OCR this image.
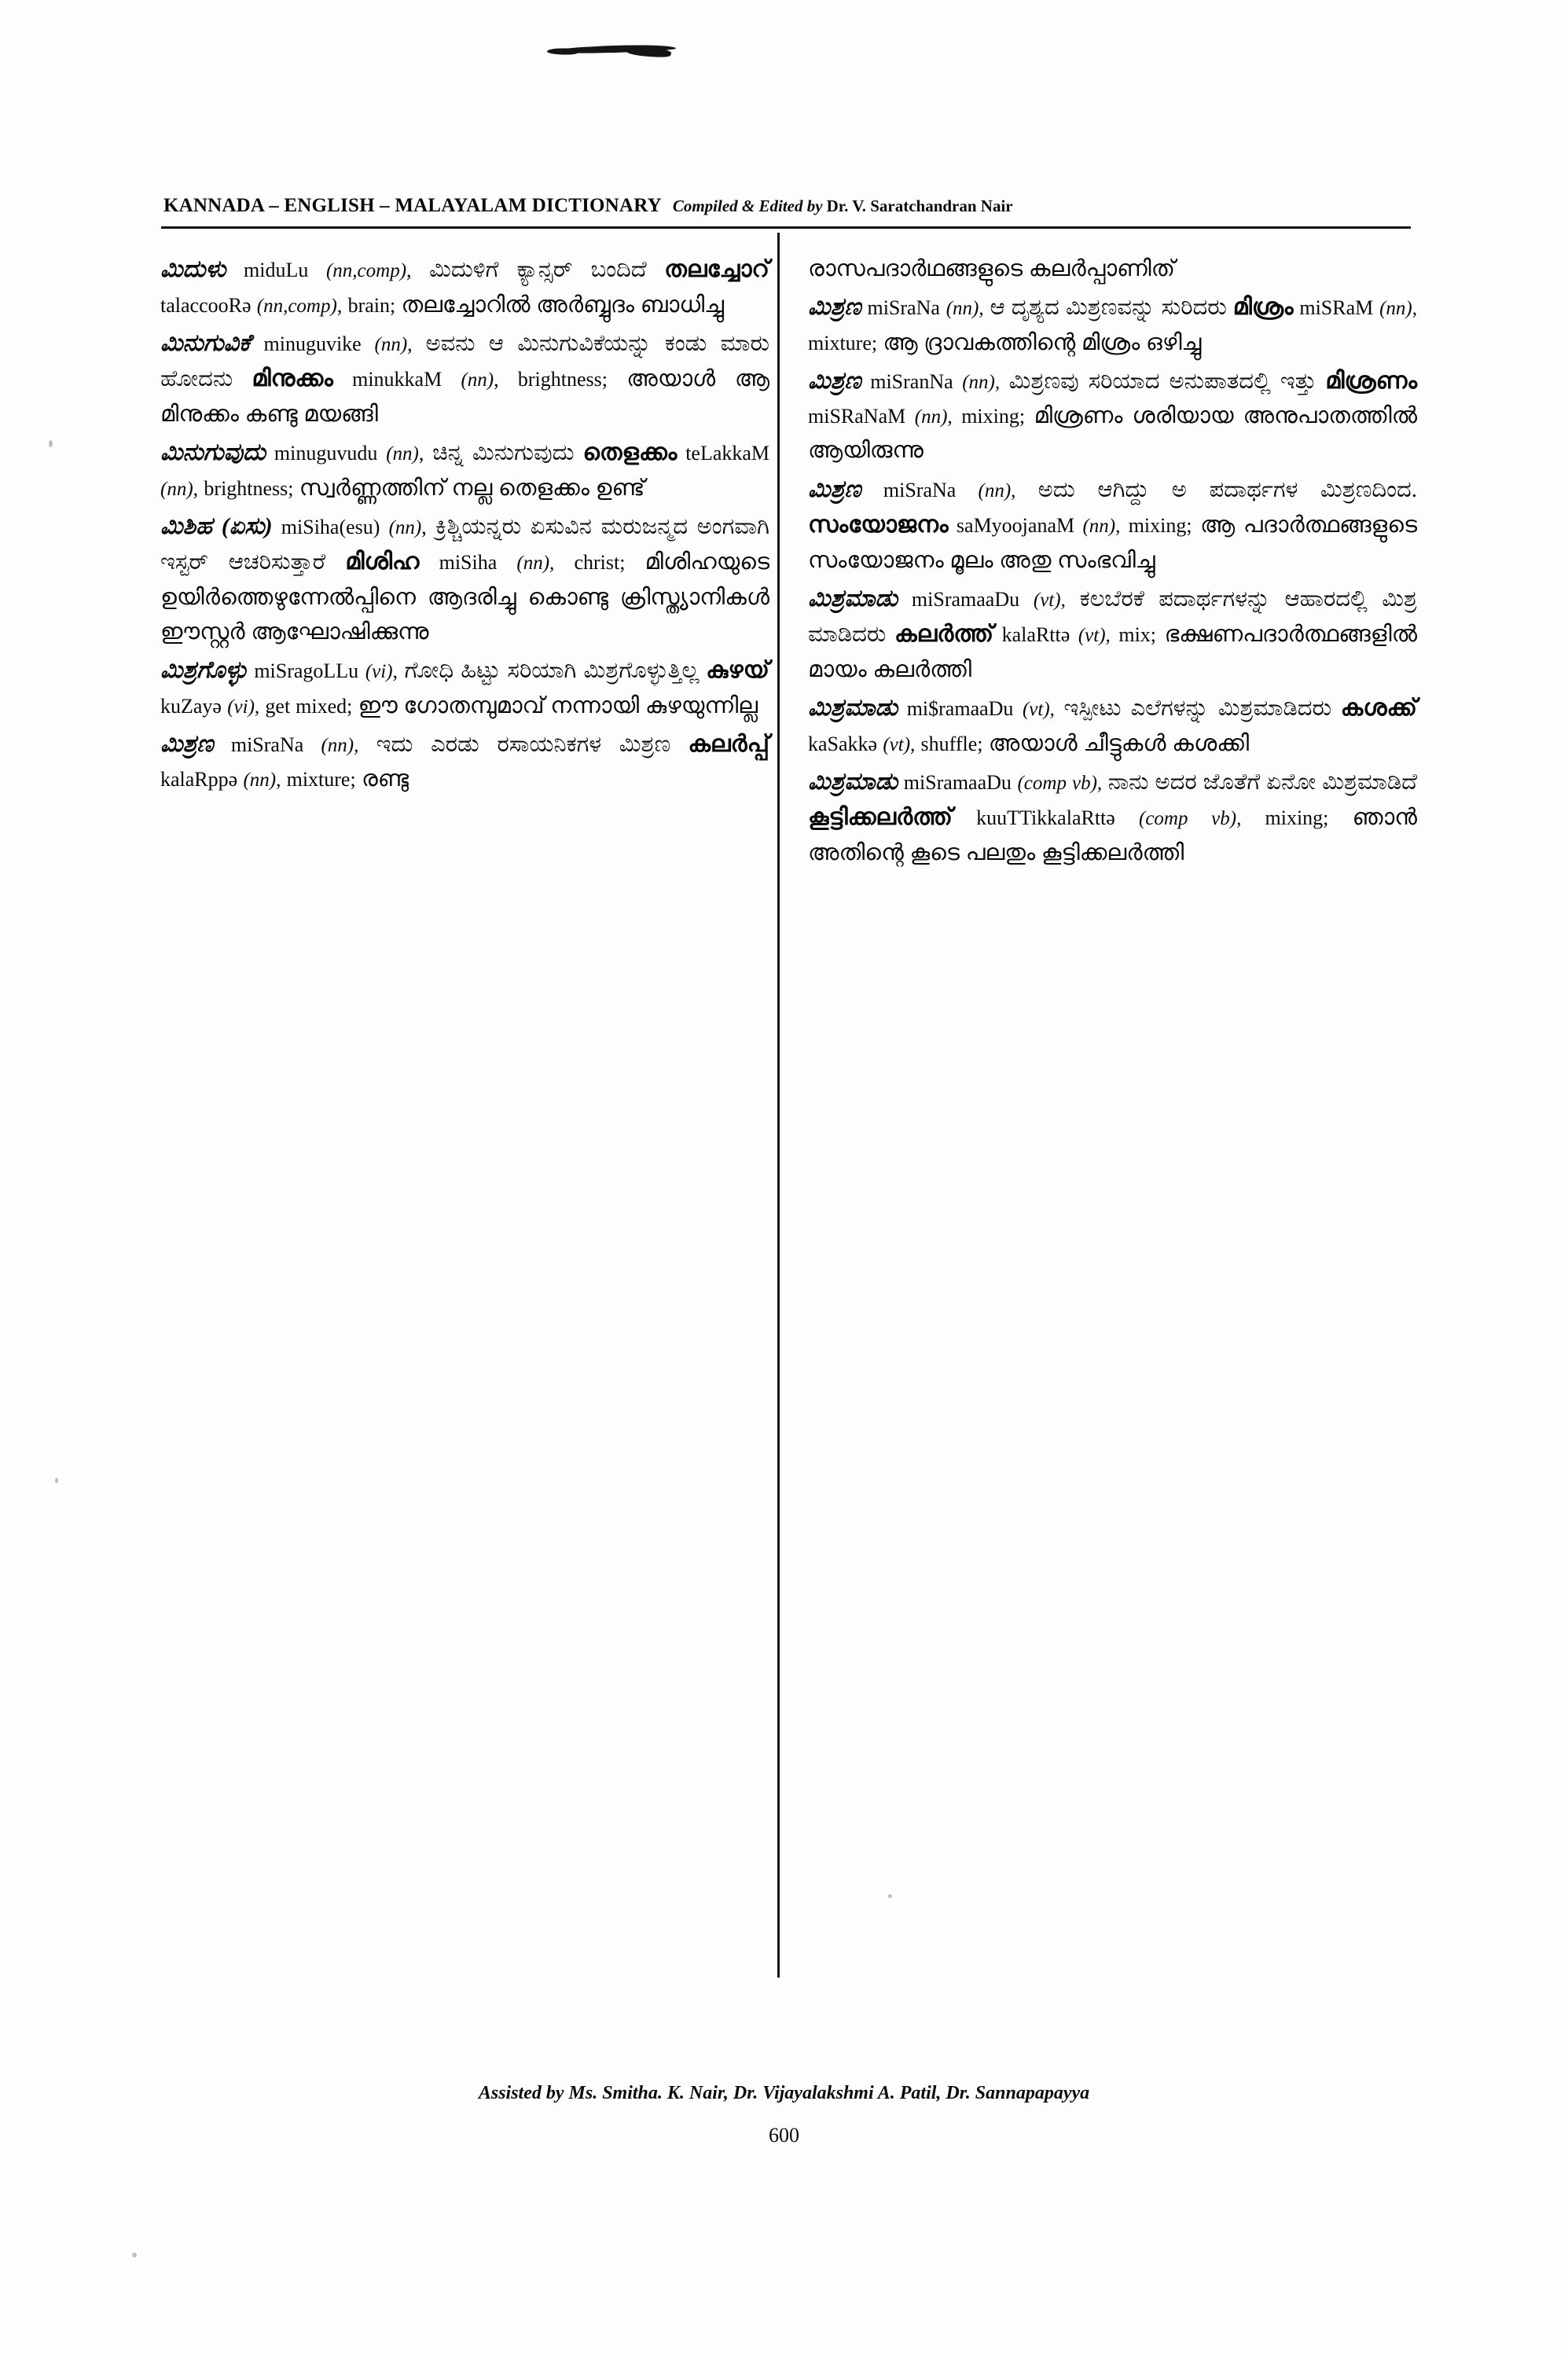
KANNADA – ENGLISH – MALAYALAM DICTIONARY Compiled & Edited by Dr. V. Saratchandran Nair

ಮಿದುಳು miduLu (nn,comp), ಮಿದುಳಿಗೆ ಕ್ಯಾನ್ಸರ್ ಬಂದಿದೆ തലച്ചോറ് talaccooRə (nn,comp), brain; തലച്ചോറിൽ അർബ്ബുദം ബാധിച്ചു

ಮಿನುಗುವಿಕೆ minuguvike (nn), ಅವನು ಆ ಮಿನುಗುವಿಕೆಯನ್ನು ಕಂಡು ಮಾರು ಹೋದನು മിനുക്കം minukkaM (nn), brightness; അയാൾ ആ മിനുക്കം കണ്ടു മയങ്ങി

ಮಿನುಗುವುದು minuguvudu (nn), ಚಿನ್ನ ಮಿನುಗುವುದು തെളക്കം teLakkaM (nn), brightness; സ്വർണ്ണത്തിന് നല്ല തെളക്കം ഉണ്ട്

ಮಿಶಿಹ (ಏಸು) miSiha(esu) (nn), ಕ್ರಿಶ್ಚಿಯನ್ನರು ಏಸುವಿನ ಮರುಜನ್ಮದ ಅಂಗವಾಗಿ ಇಸ್ಟರ್ ಆಚರಿಸುತ್ತಾರೆ മിശിഹ miSiha (nn), christ; മിശിഹയുടെ ഉയിർത്തെഴുന്നേൽപ്പിനെ ആദരിച്ചു കൊണ്ടു ക്രിസ്ത്യാനികൾ ഈസ്റ്റർ ആഘോഷിക്കുന്നു

ಮಿಶ್ರಗೊಳ್ಳು miSragoLLu (vi), ಗೋಧಿ ಹಿಟ್ಟು ಸರಿಯಾಗಿ ಮಿಶ್ರಗೊಳ್ಳುತ್ತಿಲ್ಲ കുഴയ് kuZayə (vi), get mixed; ഈ ഗോതമ്പുമാവ് നന്നായി കുഴയുന്നില്ല

ಮಿಶ್ರಣ miSraNa (nn), ಇದು ಎರಡು ರಸಾಯನಿಕಗಳ ಮಿಶ್ರಣ കലർപ്പ് kalaRppə (nn), mixture; രണ്ടു

രാസപദാർഥങ്ങളുടെ കലർപ്പാണിത്

ಮಿಶ್ರಣ miSraNa (nn), ಆ ದೃಶ್ಯದ ಮಿಶ್ರಣವನ್ನು ಸುರಿದರು മിശ്രം miSRaM (nn), mixture; ആ ദ്രാവകത്തിന്റെ മിശ്രം ഒഴിച്ചു

ಮಿಶ್ರಣ miSranNa (nn), ಮಿಶ್ರಣವು ಸರಿಯಾದ ಅನುಪಾತದಲ್ಲಿ ಇತ್ತು മിശ്രണം miSRaNaM (nn), mixing; മിശ്രണം ശരിയായ അനുപാതത്തിൽ ആയിരുന്നു

ಮಿಶ್ರಣ miSraNa (nn), ಅದು ಆಗಿದ್ದು ಅ ಪದಾರ್ಥಗಳ ಮಿಶ್ರಣದಿಂದ. സംയോജനം saMyoojanaM (nn), mixing; ആ പദാർത്ഥങ്ങളുടെ സംയോജനം മൂലം അതു സംഭവിച്ചു

ಮಿಶ್ರಮಾಡು miSramaaDu (vt), ಕಲಬೆರಕೆ ಪದಾರ್ಥಗಳನ್ನು ಆಹಾರದಲ್ಲಿ ಮಿಶ್ರ ಮಾಡಿದರು കലർത്ത് kalaRttə (vt), mix; ഭക്ഷണപദാർത്ഥങ്ങളിൽ മായം കലർത്തി

ಮಿಶ್ರಮಾಡು mi$ramaaDu (vt), ಇಸ್ಪೀಟು ಎಲೆಗಳನ್ನು ಮಿಶ್ರಮಾಡಿದರು കശക്ക് kaSakkə (vt), shuffle; അയാൾ ചീട്ടുകൾ കശക്കി

ಮಿಶ್ರಮಾಡು miSramaaDu (comp vb), ನಾನು ಅದರ ಜೊತೆಗೆ ಏನೋ ಮಿಶ್ರಮಾಡಿದೆ കൂട്ടിക്കലർത്ത് kuuTTikkalaRttə (comp vb), mixing; ഞാൻ അതിന്റെ കൂടെ പലതും കൂട്ടിക്കലർത്തി

Assisted by Ms. Smitha. K. Nair, Dr. Vijayalakshmi A. Patil, Dr. Sannapapayya
600
